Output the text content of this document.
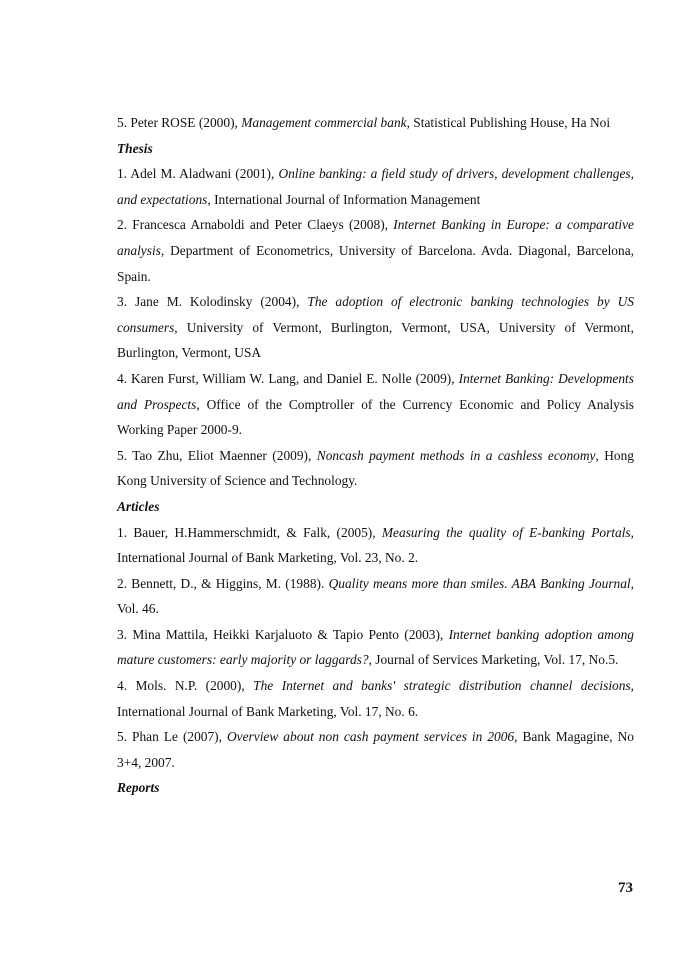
5. Peter ROSE (2000), Management commercial bank, Statistical Publishing House, Ha Noi

Thesis

1. Adel M. Aladwani (2001), Online banking: a field study of drivers, development challenges, and expectations, International Journal of Information Management

2. Francesca Arnaboldi and Peter Claeys (2008), Internet Banking in Europe: a comparative analysis, Department of Econometrics, University of Barcelona. Avda. Diagonal, Barcelona, Spain.

3. Jane M. Kolodinsky (2004), The adoption of electronic banking technologies by US consumers, University of Vermont, Burlington, Vermont, USA, University of Vermont, Burlington, Vermont, USA

4. Karen Furst, William W. Lang, and Daniel E. Nolle (2009), Internet Banking: Developments and Prospects, Office of the Comptroller of the Currency Economic and Policy Analysis Working Paper 2000-9.

5. Tao Zhu, Eliot Maenner (2009), Noncash payment methods in a cashless economy, Hong Kong University of Science and Technology.

Articles

1. Bauer, H.Hammerschmidt, & Falk, (2005), Measuring the quality of E-banking Portals, International Journal of Bank Marketing, Vol. 23, No. 2.

2. Bennett, D., & Higgins, M. (1988). Quality means more than smiles. ABA Banking Journal, Vol. 46.

3. Mina Mattila, Heikki Karjaluoto & Tapio Pento (2003), Internet banking adoption among mature customers: early majority or laggards?, Journal of Services Marketing, Vol. 17, No.5.

4. Mols. N.P. (2000), The Internet and banks' strategic distribution channel decisions, International Journal of Bank Marketing, Vol. 17, No. 6.

5. Phan Le (2007), Overview about non cash payment services in 2006, Bank Magagine, No 3+4, 2007.

Reports

73
